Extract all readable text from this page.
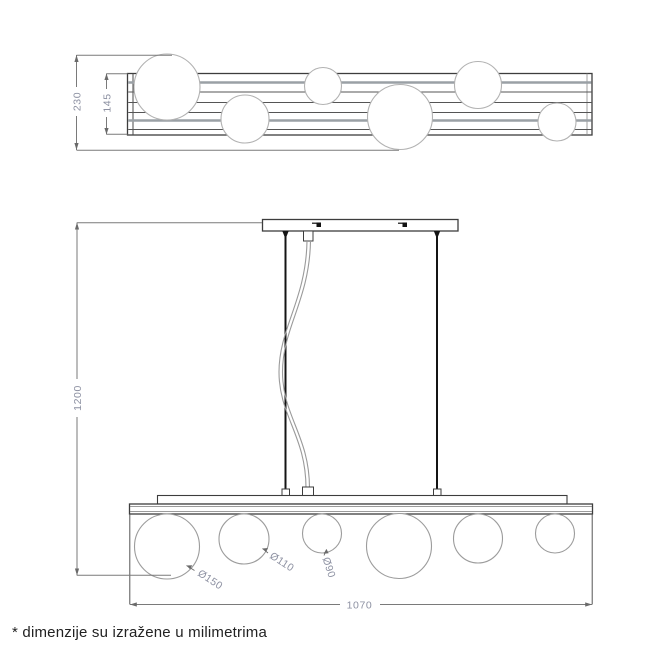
230 145
Ø150
Ø110 Ø90
1200
1070
* dimenzije su izražene u milimetrima
